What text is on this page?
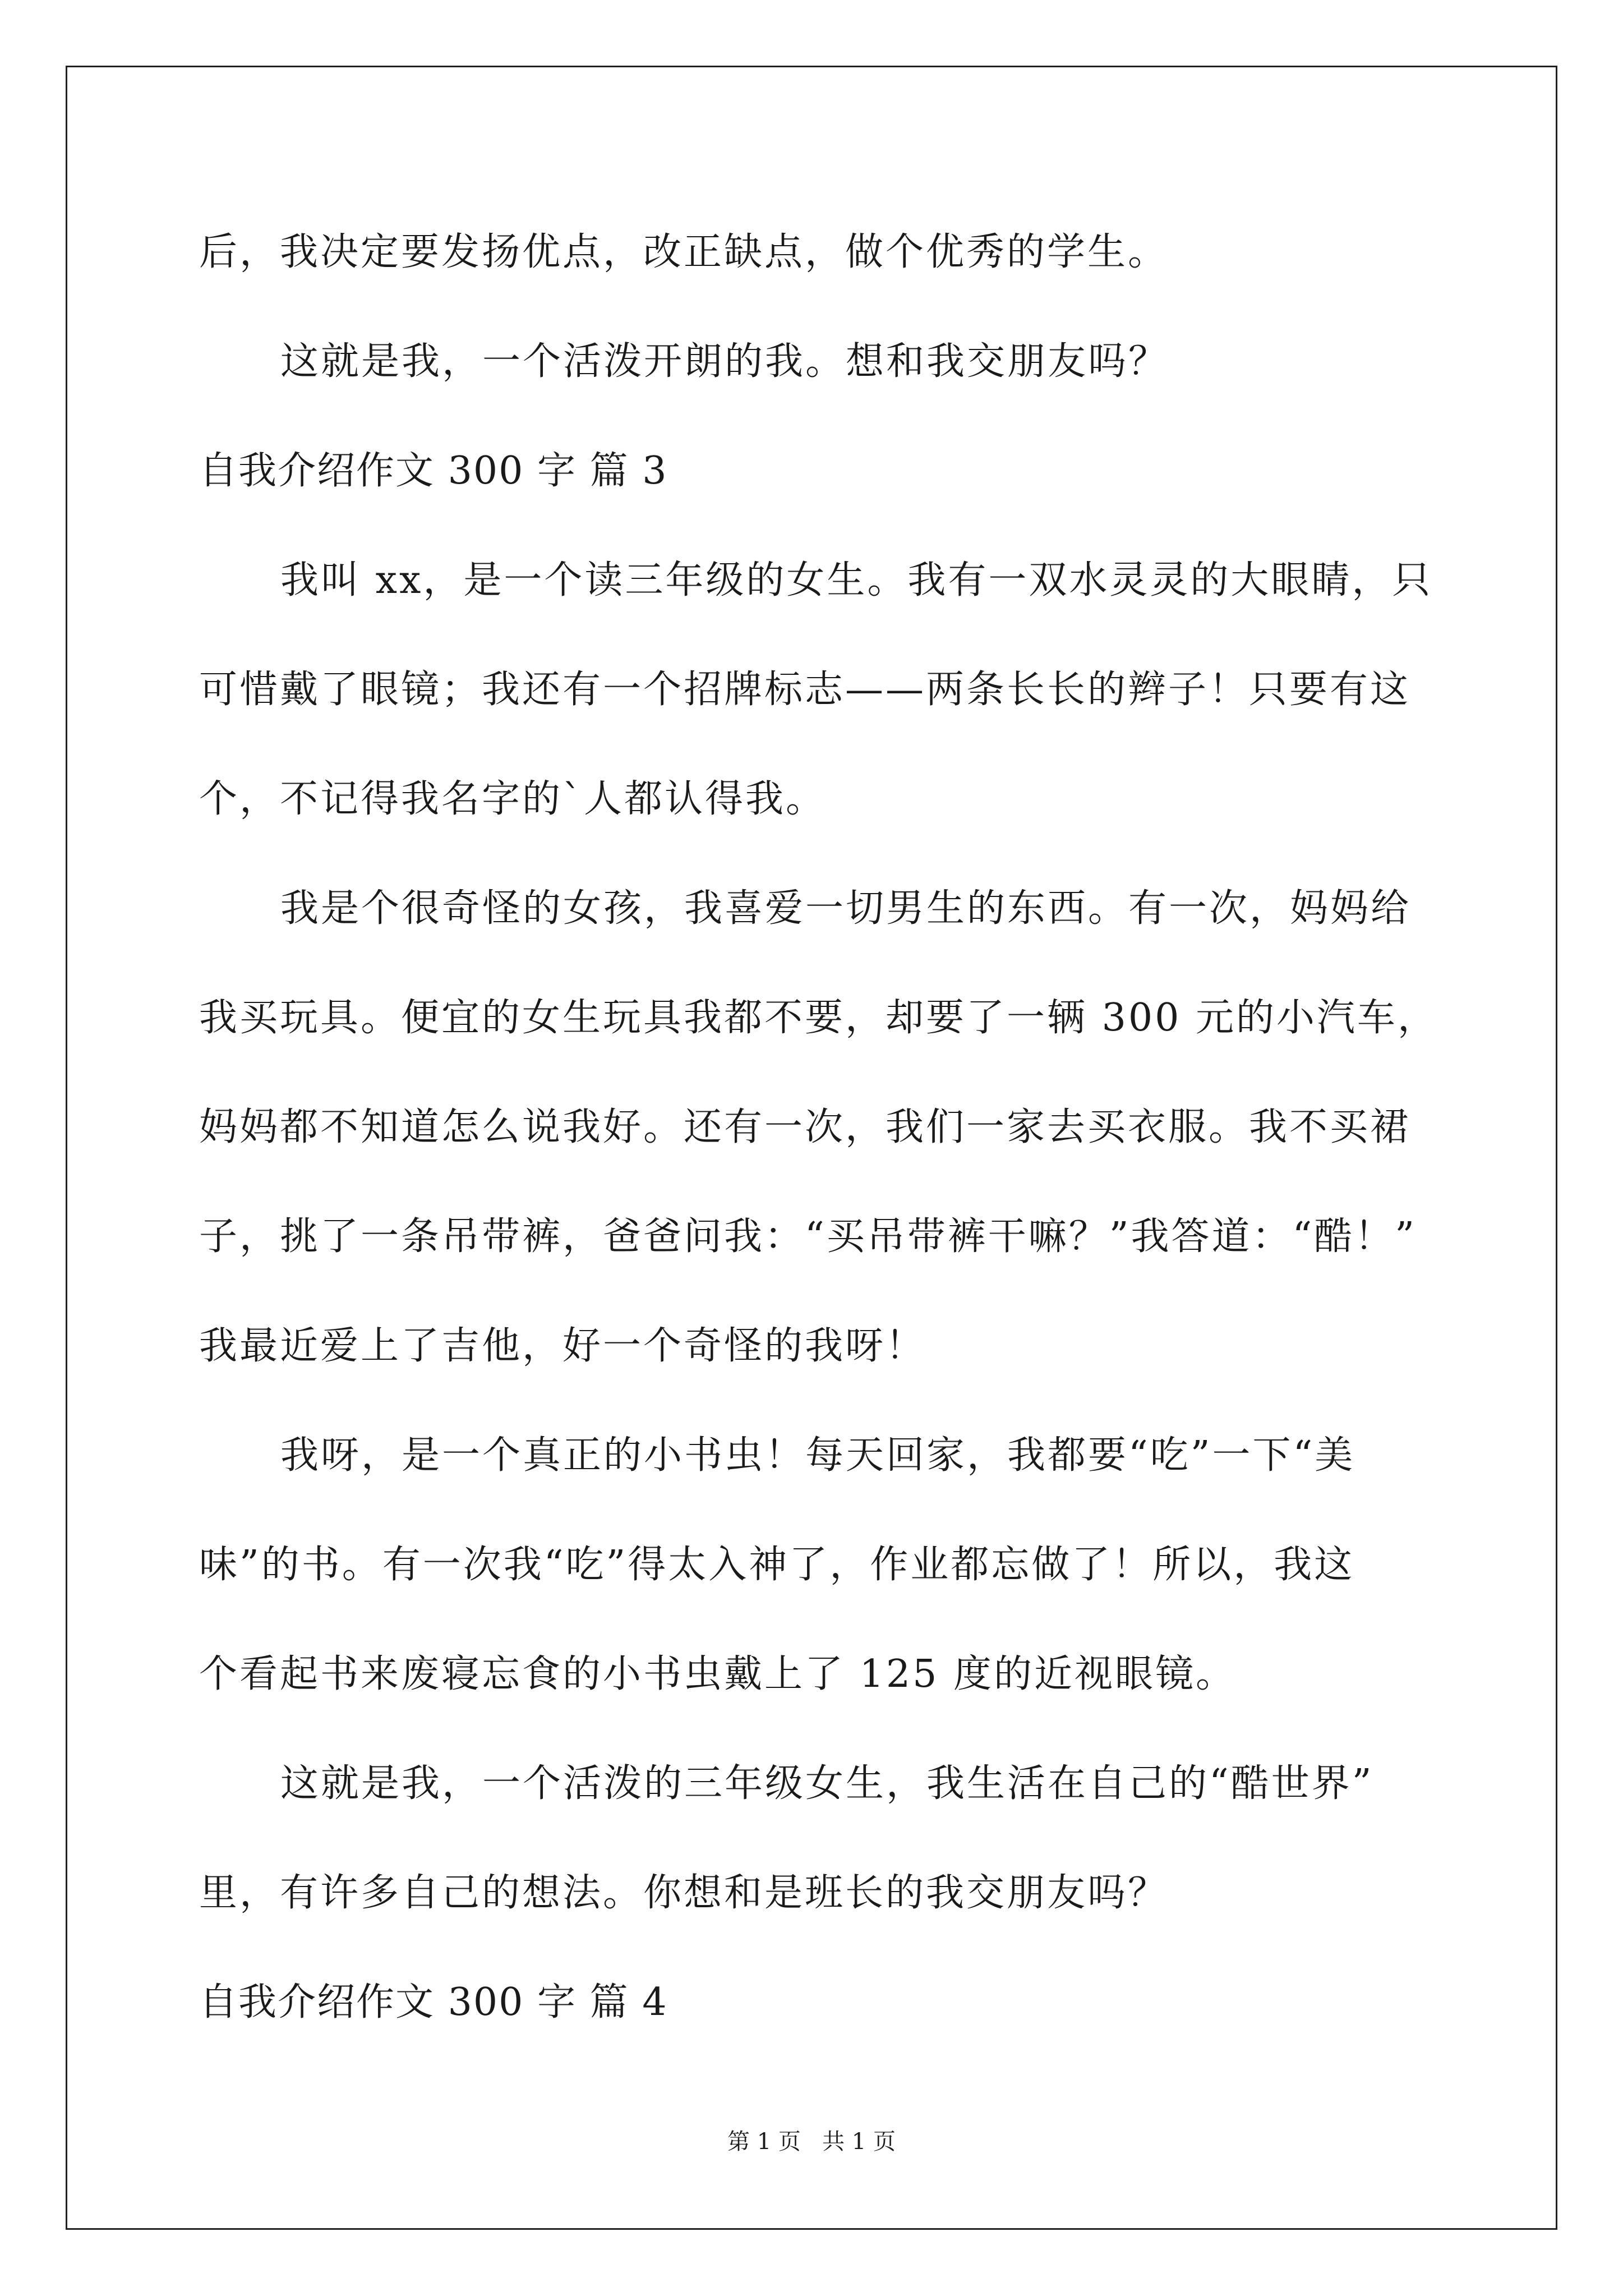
后，我决定要发扬优点，改正缺点，做个优秀的学生。
这就是我，一个活泼开朗的我。想和我交朋友吗？
自我介绍作文 300 字 篇 3
我叫 xx，是一个读三年级的女生。我有一双水灵灵的大眼睛，只
可惜戴了眼镜；我还有一个招牌标志——两条长长的辫子！只要有这
个，不记得我名字的`人都认得我。
我是个很奇怪的女孩，我喜爱一切男生的东西。有一次，妈妈给
我买玩具。便宜的女生玩具我都不要，却要了一辆 300 元的小汽车，
妈妈都不知道怎么说我好。还有一次，我们一家去买衣服。我不买裙
子，挑了一条吊带裤，爸爸问我：“买吊带裤干嘛？”我答道：“酷！”
我最近爱上了吉他，好一个奇怪的我呀！
我呀，是一个真正的小书虫！每天回家，我都要“吃”一下“美
味”的书。有一次我“吃”得太入神了，作业都忘做了！所以，我这
个看起书来废寝忘食的小书虫戴上了 125 度的近视眼镜。
这就是我，一个活泼的三年级女生，我生活在自己的“酷世界”
里，有许多自己的想法。你想和是班长的我交朋友吗？
自我介绍作文 300 字 篇 4
第 1 页   共 1 页
